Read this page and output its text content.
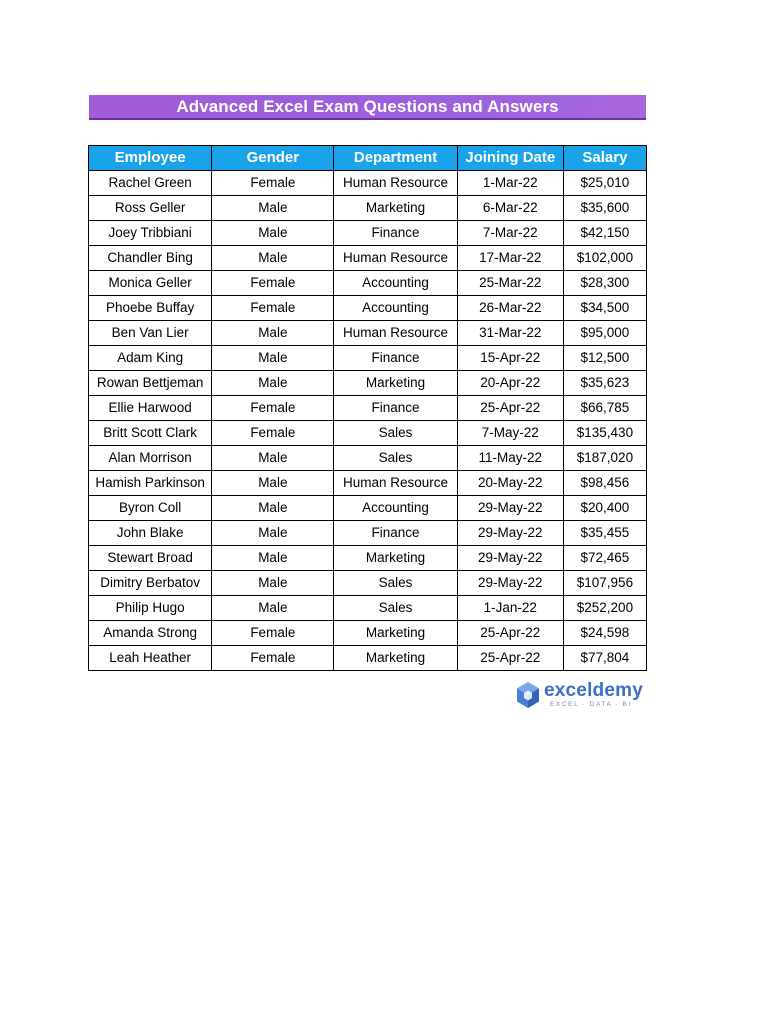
Advanced Excel Exam Questions and Answers
Employee	Gender	Department	Joining Date	Salary
Rachel Green	Female	Human Resource	1-Mar-22	$25,010
Ross Geller	Male	Marketing	6-Mar-22	$35,600
Joey Tribbiani	Male	Finance	7-Mar-22	$42,150
Chandler Bing	Male	Human Resource	17-Mar-22	$102,000
Monica Geller	Female	Accounting	25-Mar-22	$28,300
Phoebe Buffay	Female	Accounting	26-Mar-22	$34,500
Ben Van Lier	Male	Human Resource	31-Mar-22	$95,000
Adam King	Male	Finance	15-Apr-22	$12,500
Rowan Bettjeman	Male	Marketing	20-Apr-22	$35,623
Ellie Harwood	Female	Finance	25-Apr-22	$66,785
Britt Scott Clark	Female	Sales	7-May-22	$135,430
Alan Morrison	Male	Sales	11-May-22	$187,020
Hamish Parkinson	Male	Human Resource	20-May-22	$98,456
Byron Coll	Male	Accounting	29-May-22	$20,400
John Blake	Male	Finance	29-May-22	$35,455
Stewart Broad	Male	Marketing	29-May-22	$72,465
Dimitry Berbatov	Male	Sales	29-May-22	$107,956
Philip Hugo	Male	Sales	1-Jan-22	$252,200
Amanda Strong	Female	Marketing	25-Apr-22	$24,598
Leah Heather	Female	Marketing	25-Apr-22	$77,804
exceldemy
EXCEL · DATA · BI
